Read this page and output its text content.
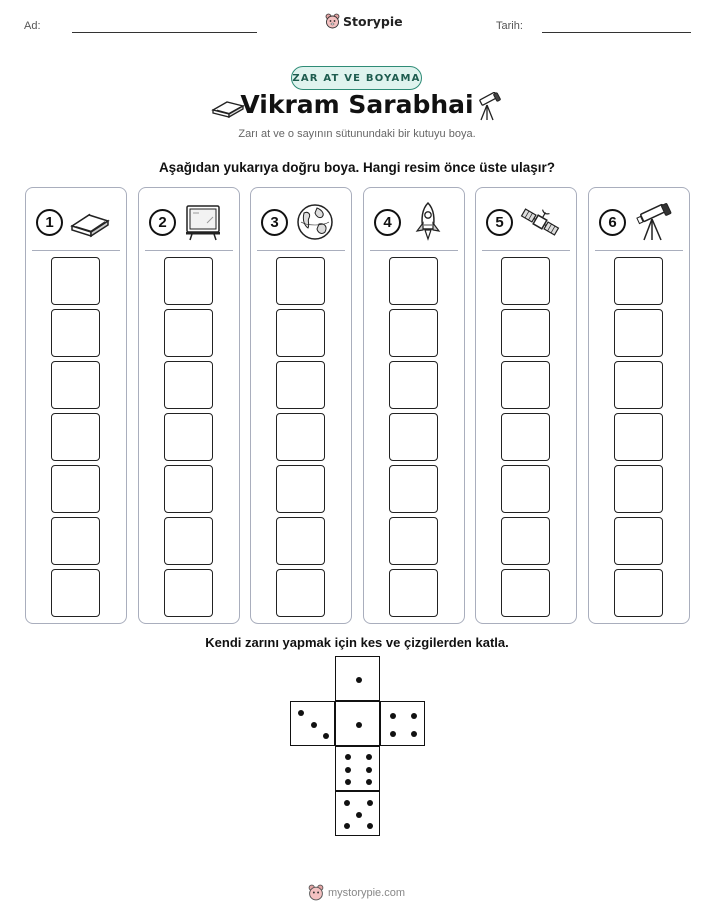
Ad:	Storypie	Tarih:
ZAR AT VE BOYAMA
Vikram Sarabhai
Zarı at ve o sayının sütunundaki bir kutuyu boya.
Aşağıdan yukarıya doğru boya. Hangi resim önce üste ulaşır?
1	2	3	4	5	6
Kendi zarını yapmak için kes ve çizgilerden katla.
mystorypie.com
